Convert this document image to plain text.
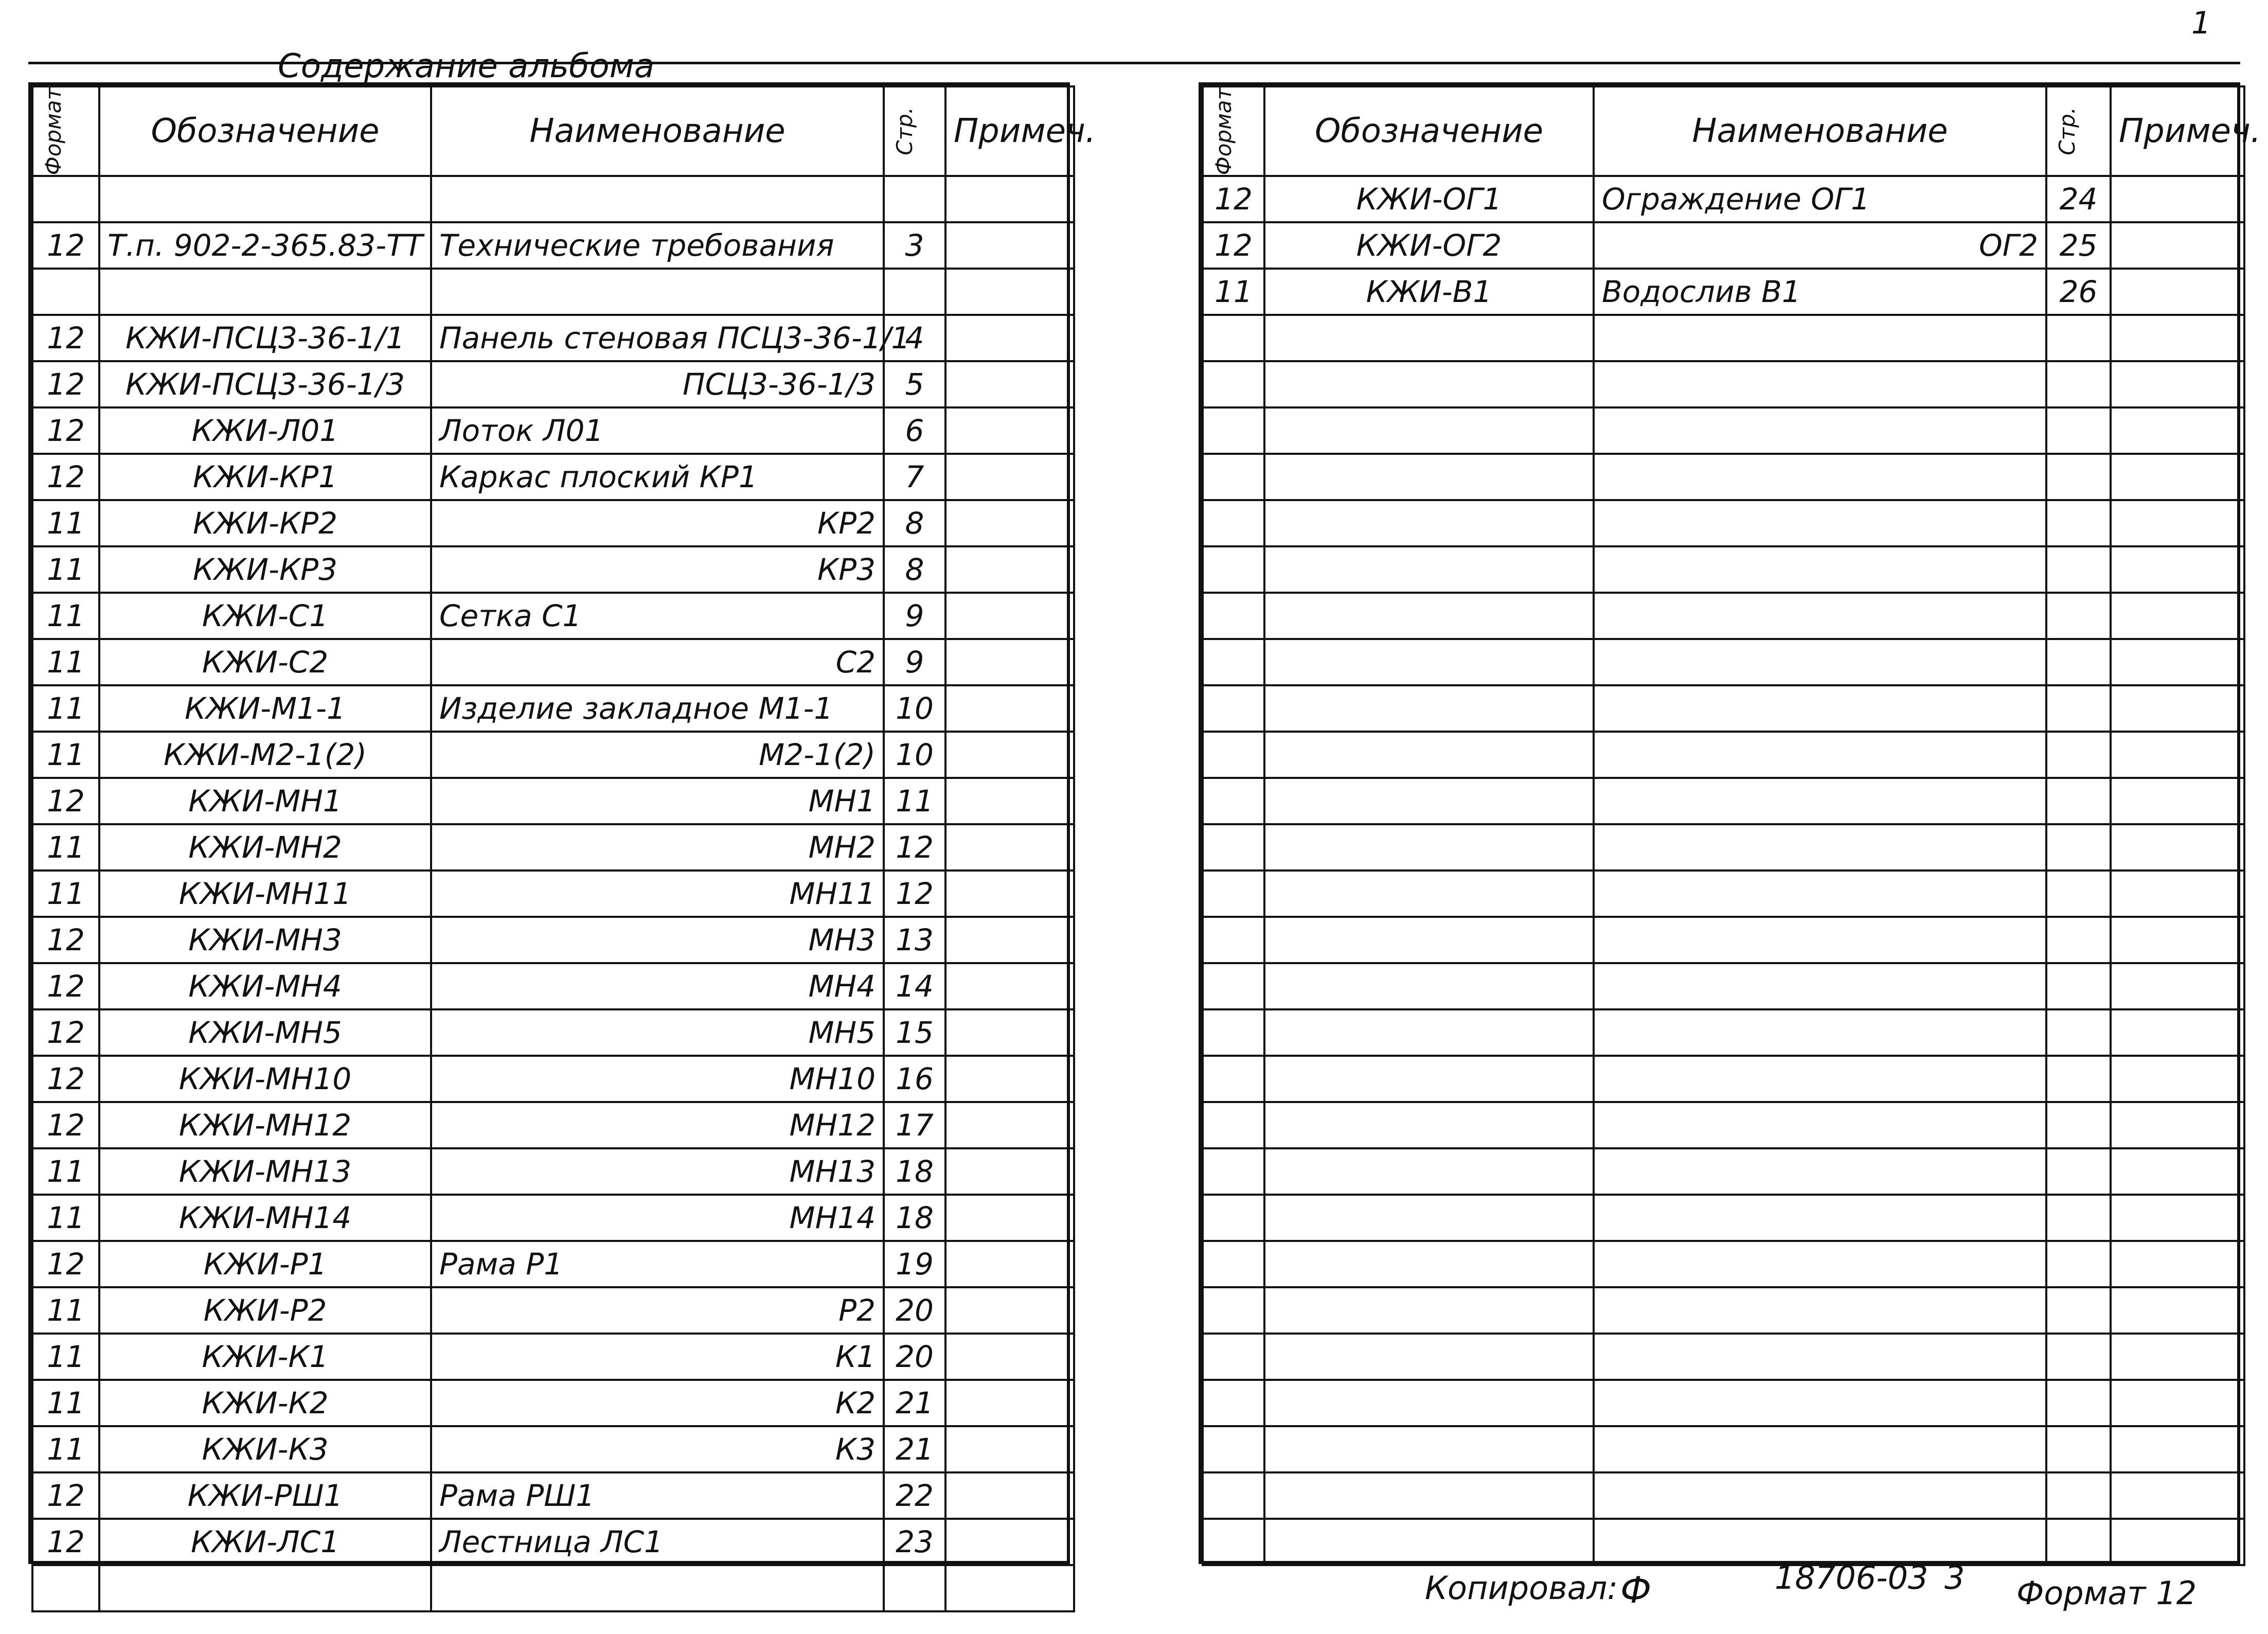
1
Содержание альбома
Формат	Обозначение	Наименование	Стр.	Примеч.

12	Т.п. 902-2-365.83-ТТ	Технические требования	3	

12	КЖИ-ПСЦ3-36-1/1	Панель стеновая ПСЦ3-36-1/1	4	
12	КЖИ-ПСЦ3-36-1/3	ПСЦ3-36-1/3	5	
12	КЖИ-Л01	Лоток Л01	6	
12	КЖИ-КР1	Каркас плоский КР1	7	
11	КЖИ-КР2	КР2	8	
11	КЖИ-КР3	КР3	8	
11	КЖИ-С1	Сетка С1	9	
11	КЖИ-С2	С2	9	
11	КЖИ-М1-1	Изделие закладное М1-1	10	
11	КЖИ-М2-1(2)	М2-1(2)	10	
12	КЖИ-МН1	МН1	11	
11	КЖИ-МН2	МН2	12	
11	КЖИ-МН11	МН11	12	
12	КЖИ-МН3	МН3	13	
12	КЖИ-МН4	МН4	14	
12	КЖИ-МН5	МН5	15	
12	КЖИ-МН10	МН10	16	
12	КЖИ-МН12	МН12	17	
11	КЖИ-МН13	МН13	18	
11	КЖИ-МН14	МН14	18	
12	КЖИ-Р1	Рама Р1	19	
11	КЖИ-Р2	Р2	20	
11	КЖИ-К1	К1	20	
11	КЖИ-К2	К2	21	
11	КЖИ-К3	К3	21	
12	КЖИ-РШ1	Рама РШ1	22	
12	КЖИ-ЛС1	Лестница ЛС1	23	

Формат	Обозначение	Наименование	Стр.	Примеч.
12	КЖИ-ОГ1	Ограждение ОГ1	24	
12	КЖИ-ОГ2	ОГ2	25	
11	КЖИ-В1	Водослив В1	26	

Копировал: Ф	18706-03 3 Формат 12
